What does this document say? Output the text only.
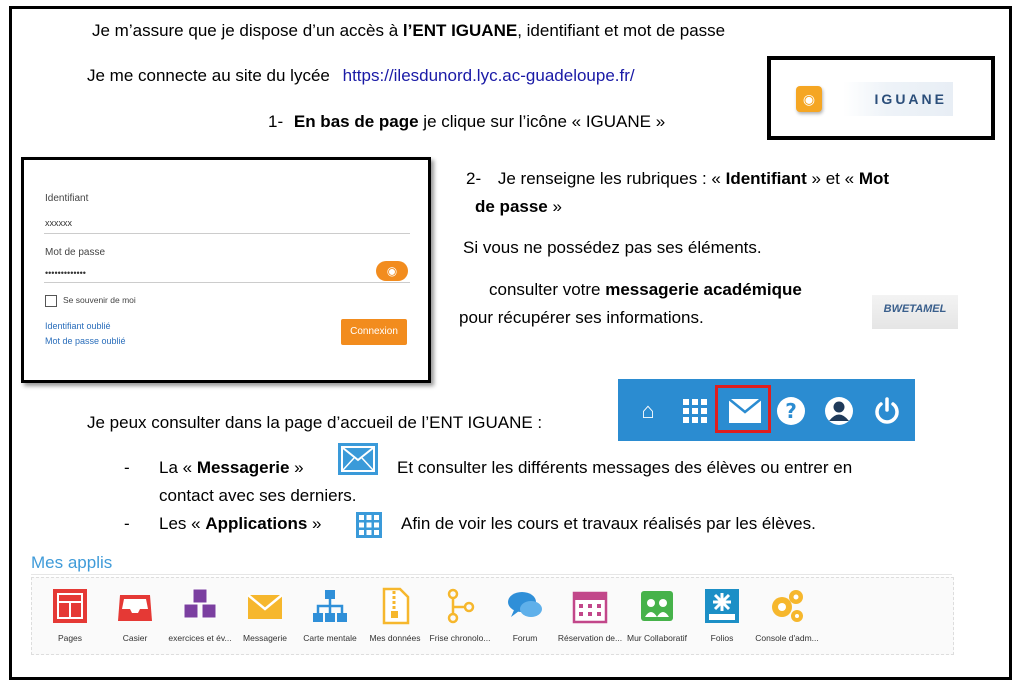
Je m’assure que je dispose d’un accès à l’ENT IGUANE, identifiant et mot de passe
Je me connecte au site du lycée https://ilesdunord.lyc.ac-guadeloupe.fr/
1- En bas de page je clique sur l’icône « IGUANE »
◉	IGUANE
Identifiant
xxxxxx
Mot de passe
•••••••••••••	◉
Se souvenir de moi
Identifiant oublié
Mot de passe oublié
Connexion
2- Je renseigne les rubriques : « Identifiant » et « Mot
de passe »
Si vous ne possédez pas ses éléments.
consulter votre messagerie académique
pour récupérer ses informations.	BWETAMEL
⌂	?
Je peux consulter dans la page d’accueil de l’ENT IGUANE :
- La « Messagerie »	Et consulter les différents messages des élèves ou entrer en
contact avec ses derniers.
- Les « Applications »	Afin de voir les cours et travaux réalisés par les élèves.
Mes applis
Pages	Casier	exercices et év...	Messagerie	Carte mentale	Mes données	Frise chronolo...	Forum	Réservation de... Mur Collaboratif	Folios	Console d'adm...
